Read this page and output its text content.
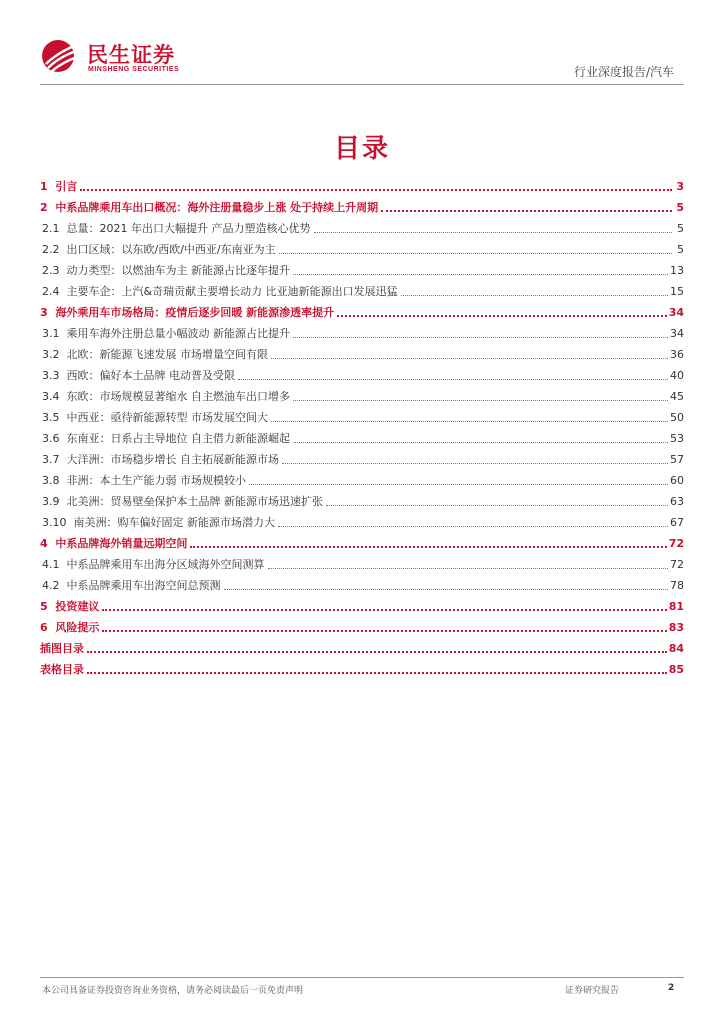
民生证券
MINSHENG SECURITIES	行业深度报告/汽车
目录
1 引言	3
2 中系品牌乘用车出口概况：海外注册量稳步上涨 处于持续上升周期	5
2.1 总量：2021 年出口大幅提升 产品力塑造核心优势	5
2.2 出口区域：以东欧/西欧/中西亚/东南亚为主	5
2.3 动力类型：以燃油车为主 新能源占比逐年提升	13
2.4 主要车企：上汽&奇瑞贡献主要增长动力 比亚迪新能源出口发展迅猛	15
3 海外乘用车市场格局：疫情后逐步回暖 新能源渗透率提升	34
3.1 乘用车海外注册总量小幅波动 新能源占比提升	34
3.2 北欧：新能源飞速发展 市场增量空间有限	36
3.3 西欧：偏好本土品牌 电动普及受限	40
3.4 东欧：市场规模显著缩水 自主燃油车出口增多	45
3.5 中西亚：亟待新能源转型 市场发展空间大	50
3.6 东南亚：日系占主导地位 自主借力新能源崛起	53
3.7 大洋洲：市场稳步增长 自主拓展新能源市场	57
3.8 非洲：本土生产能力弱 市场规模较小	60
3.9 北美洲：贸易壁垒保护本土品牌 新能源市场迅速扩张	63
3.10 南美洲：购车偏好固定 新能源市场潜力大	67
4 中系品牌海外销量远期空间	72
4.1 中系品牌乘用车出海分区域海外空间测算	72
4.2 中系品牌乘用车出海空间总预测	78
5 投资建议	81
6 风险提示	83
插图目录	84
表格目录	85
本公司具备证券投资咨询业务资格，请务必阅读最后一页免责声明	证券研究报告	2
